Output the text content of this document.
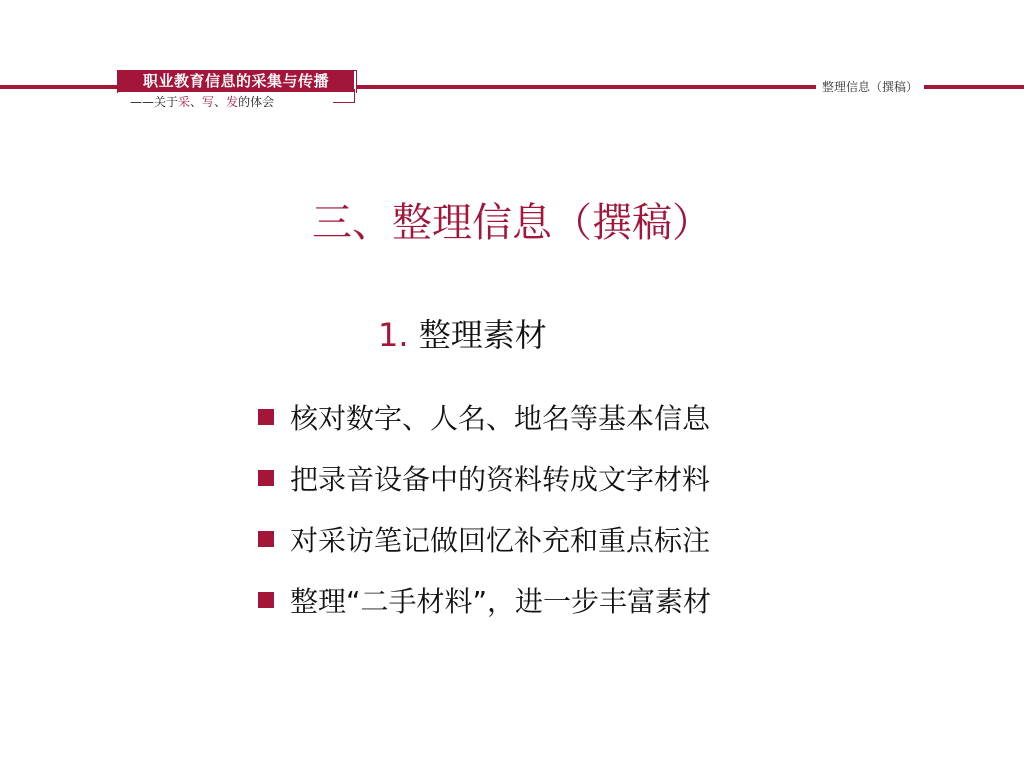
职业教育信息的采集与传播
——关于采、写、发的体会
整理信息（撰稿）
三、整理信息（撰稿）
1. 整理素材
核对数字、人名、地名等基本信息
把录音设备中的资料转成文字材料
对采访笔记做回忆补充和重点标注
整理“二手材料”，进一步丰富素材
